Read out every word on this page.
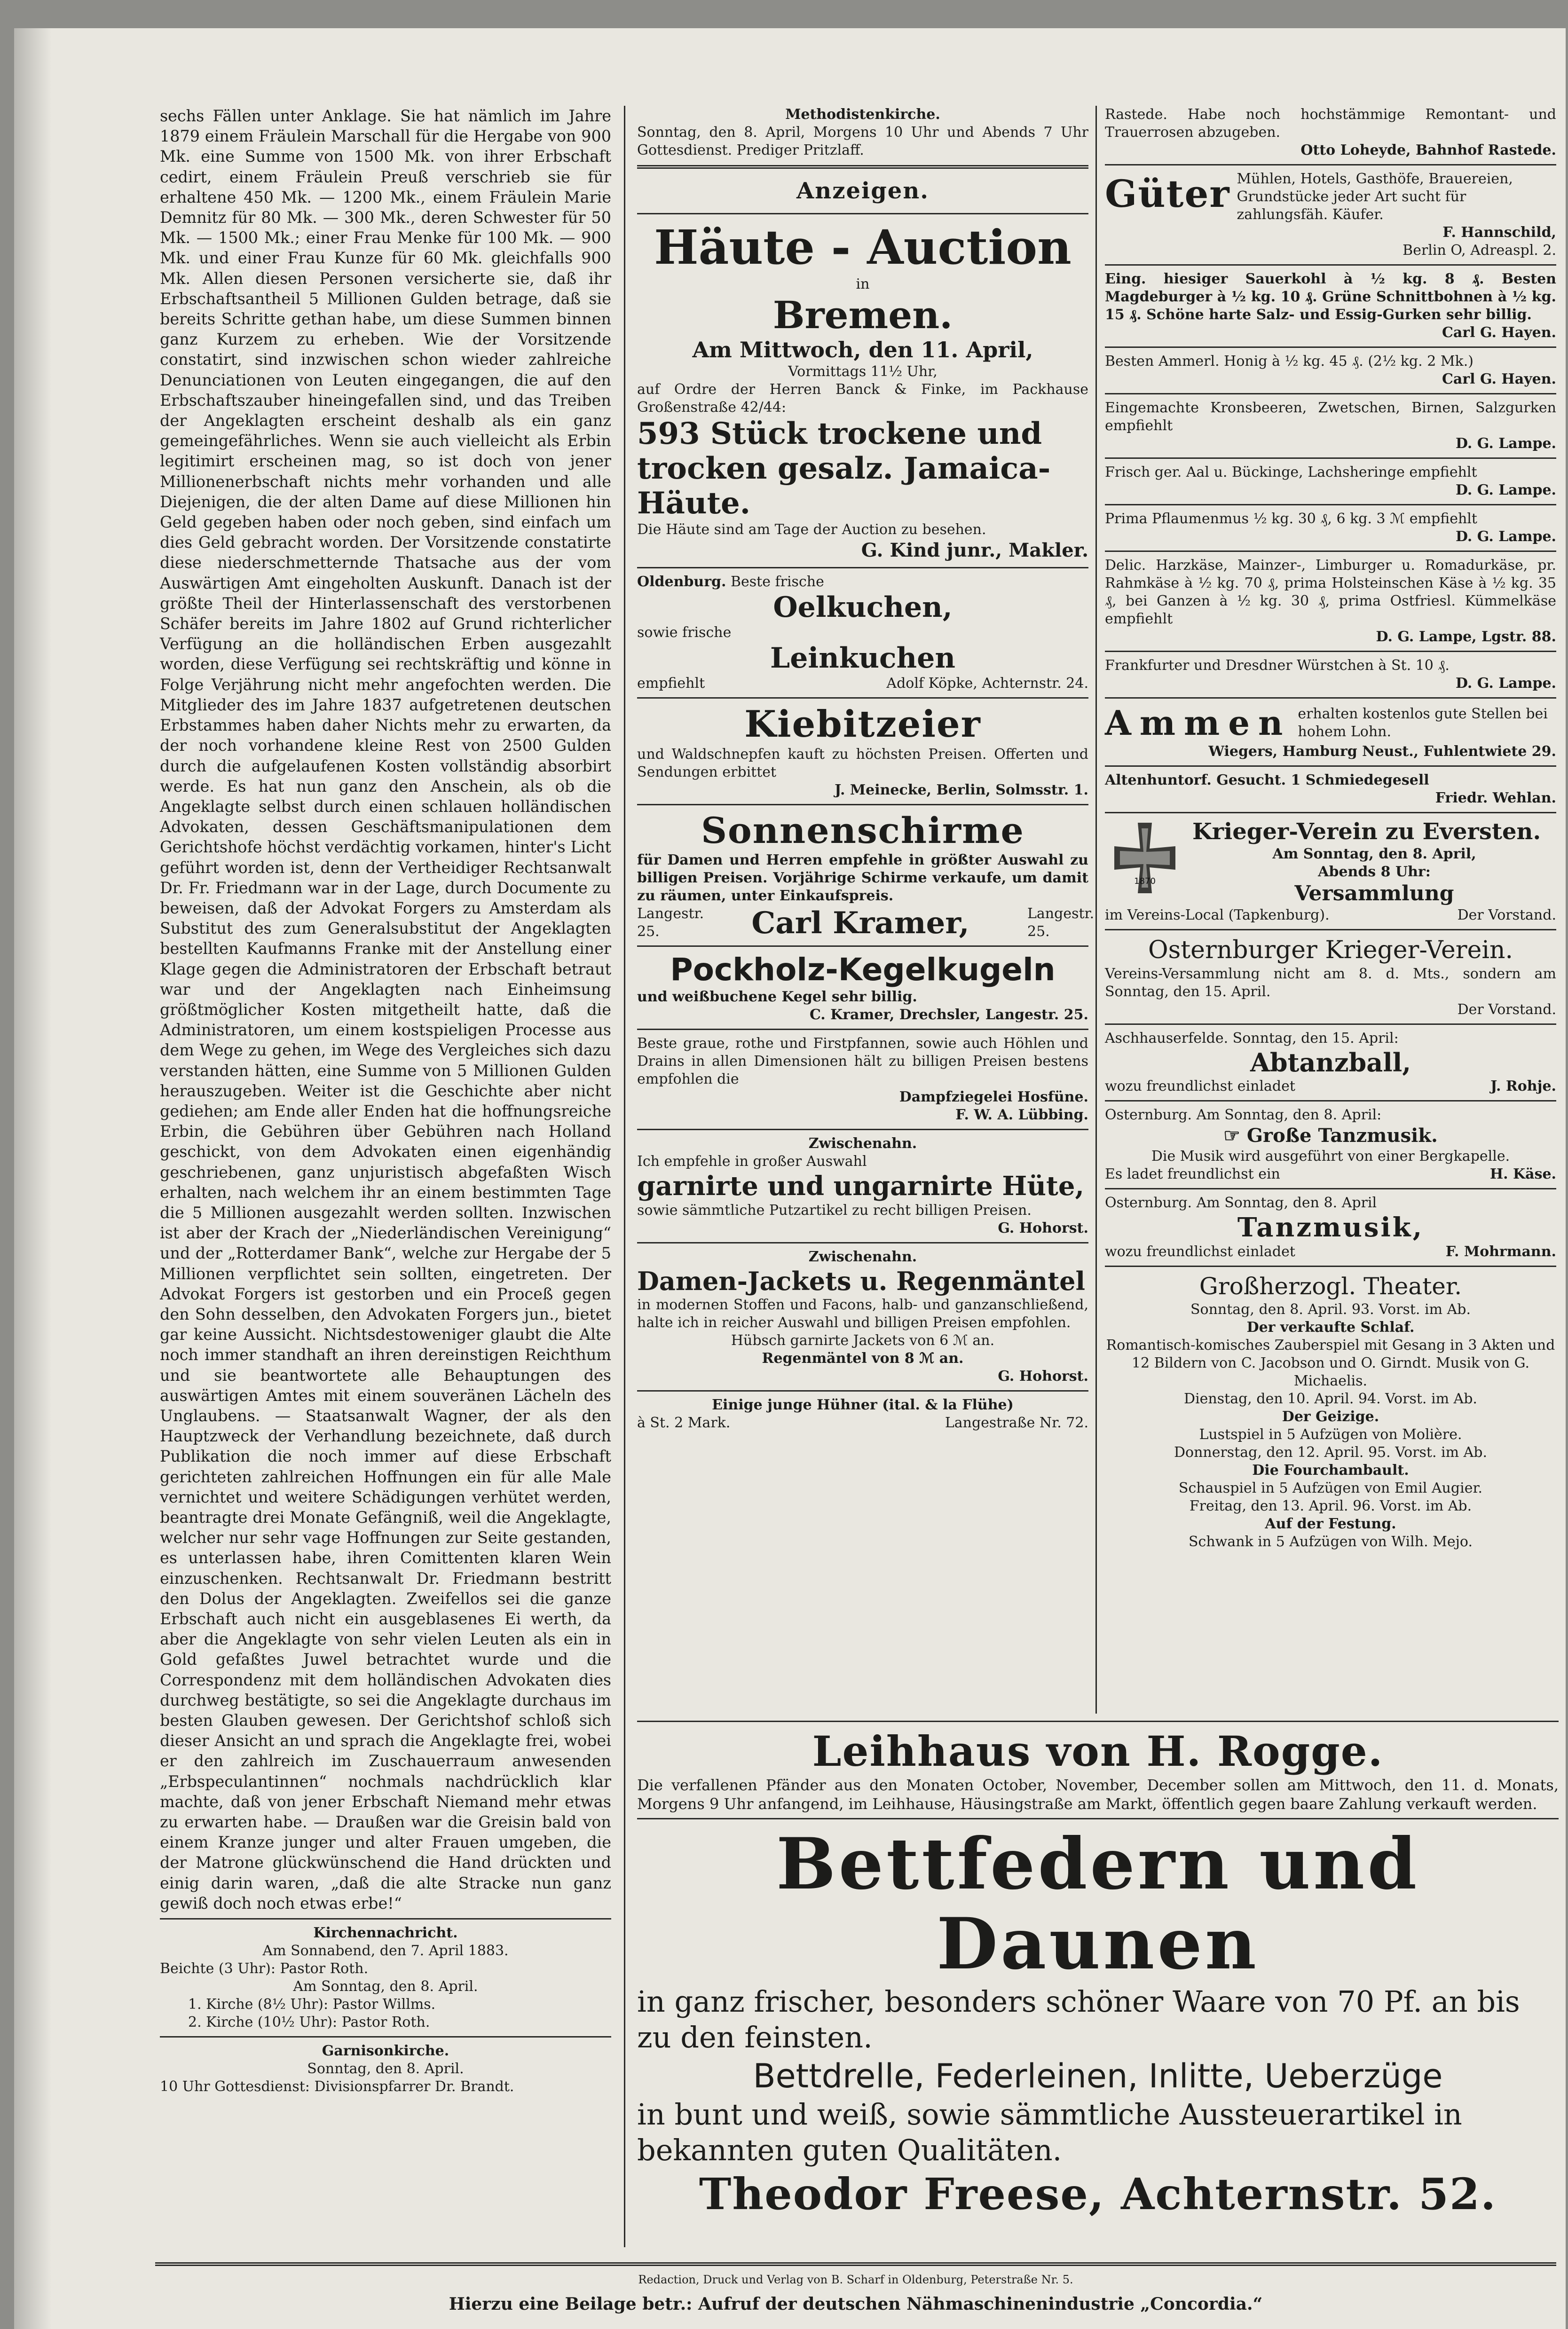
sechs Fällen unter Anklage. Sie hat nämlich im Jahre 1879 einem Fräulein Marschall für die Hergabe von 900 Mk. eine Summe von 1500 Mk. von ihrer Erbschaft cedirt, einem Fräulein Preuß verschrieb sie für erhaltene 450 Mk. — 1200 Mk., einem Fräulein Marie Demnitz für 80 Mk. — 300 Mk., deren Schwester für 50 Mk. — 1500 Mk.; einer Frau Menke für 100 Mk. — 900 Mk. und einer Frau Kunze für 60 Mk. gleichfalls 900 Mk. Allen diesen Personen versicherte sie, daß ihr Erbschaftsantheil 5 Millionen Gulden betrage, daß sie bereits Schritte gethan habe, um diese Summen binnen ganz Kurzem zu erheben. Wie der Vorsitzende constatirt, sind inzwischen schon wieder zahlreiche Denunciationen von Leuten eingegangen, die auf den Erbschaftszauber hineingefallen sind, und das Treiben der Angeklagten erscheint deshalb als ein ganz gemeingefährliches. Wenn sie auch vielleicht als Erbin legitimirt erscheinen mag, so ist doch von jener Millionenerbschaft nichts mehr vorhanden und alle Diejenigen, die der alten Dame auf diese Millionen hin Geld gegeben haben oder noch geben, sind einfach um dies Geld gebracht worden. Der Vorsitzende constatirte diese niederschmetternde Thatsache aus der vom Auswärtigen Amt eingeholten Auskunft. Danach ist der größte Theil der Hinterlassenschaft des verstorbenen Schäfer bereits im Jahre 1802 auf Grund richterlicher Verfügung an die holländischen Erben ausgezahlt worden, diese Verfügung sei rechtskräftig und könne in Folge Verjährung nicht mehr angefochten werden. Die Mitglieder des im Jahre 1837 aufgetretenen deutschen Erbstammes haben daher Nichts mehr zu erwarten, da der noch vorhandene kleine Rest von 2500 Gulden durch die aufgelaufenen Kosten vollständig absorbirt werde. Es hat nun ganz den Anschein, als ob die Angeklagte selbst durch einen schlauen holländischen Advokaten, dessen Geschäftsmanipulationen dem Gerichtshofe höchst verdächtig vorkamen, hinter's Licht geführt worden ist, denn der Vertheidiger Rechtsanwalt Dr. Fr. Friedmann war in der Lage, durch Documente zu beweisen, daß der Advokat Forgers zu Amsterdam als Substitut des zum Generalsubstitut der Angeklagten bestellten Kaufmanns Franke mit der Anstellung einer Klage gegen die Administratoren der Erbschaft betraut war und der Angeklagten nach Einheimsung größtmöglicher Kosten mitgetheilt hatte, daß die Administratoren, um einem kostspieligen Processe aus dem Wege zu gehen, im Wege des Vergleiches sich dazu verstanden hätten, eine Summe von 5 Millionen Gulden herauszugeben. Weiter ist die Geschichte aber nicht gediehen; am Ende aller Enden hat die hoffnungsreiche Erbin, die Gebühren über Gebühren nach Holland geschickt, von dem Advokaten einen eigenhändig geschriebenen, ganz unjuristisch abgefaßten Wisch erhalten, nach welchem ihr an einem bestimmten Tage die 5 Millionen ausgezahlt werden sollten. Inzwischen ist aber der Krach der „Niederländischen Vereinigung“ und der „Rotterdamer Bank“, welche zur Hergabe der 5 Millionen verpflichtet sein sollten, eingetreten. Der Advokat Forgers ist gestorben und ein Proceß gegen den Sohn desselben, den Advokaten Forgers jun., bietet gar keine Aussicht. Nichtsdestoweniger glaubt die Alte noch immer standhaft an ihren dereinstigen Reichthum und sie beantwortete alle Behauptungen des auswärtigen Amtes mit einem souveränen Lächeln des Unglaubens. — Staatsanwalt Wagner, der als den Hauptzweck der Verhandlung bezeichnete, daß durch Publikation die noch immer auf diese Erbschaft gerichteten zahlreichen Hoffnungen ein für alle Male vernichtet und weitere Schädigungen verhütet werden, beantragte drei Monate Gefängniß, weil die Angeklagte, welcher nur sehr vage Hoffnungen zur Seite gestanden, es unterlassen habe, ihren Comittenten klaren Wein einzuschenken. Rechtsanwalt Dr. Friedmann bestritt den Dolus der Angeklagten. Zweifellos sei die ganze Erbschaft auch nicht ein ausgeblasenes Ei werth, da aber die Angeklagte von sehr vielen Leuten als ein in Gold gefaßtes Juwel betrachtet wurde und die Correspondenz mit dem holländischen Advokaten dies durchweg bestätigte, so sei die Angeklagte durchaus im besten Glauben gewesen. Der Gerichtshof schloß sich dieser Ansicht an und sprach die Angeklagte frei, wobei er den zahlreich im Zuschauerraum anwesenden „Erbspeculantinnen“ nochmals nachdrücklich klar machte, daß von jener Erbschaft Niemand mehr etwas zu erwarten habe. — Draußen war die Greisin bald von einem Kranze junger und alter Frauen umgeben, die der Matrone glückwünschend die Hand drückten und einig darin waren, „daß die alte Stracke nun ganz gewiß doch noch etwas erbe!“

Kirchennachricht.
Am Sonnabend, den 7. April 1883.
Beichte (3 Uhr): Pastor Roth.
Am Sonntag, den 8. April.
1. Kirche (8½ Uhr): Pastor Willms.
2. Kirche (10½ Uhr): Pastor Roth.
Garnisonkirche.
Sonntag, den 8. April.
10 Uhr Gottesdienst: Divisionspfarrer Dr. Brandt.
Methodistenkirche.

Sonntag, den 8. April, Morgens 10 Uhr und Abends 7 Uhr Gottesdienst. Prediger Pritzlaff.

Anzeigen.
Häute - Auction
in
Bremen.
Am Mittwoch, den 11. April,
Vormittags 11½ Uhr,

auf Ordre der Herren Banck & Finke, im Packhause Großenstraße 42/44:

593 Stück trockene und trocken gesalz. Jamaica-Häute.
Die Häute sind am Tage der Auction zu besehen.
G. Kind junr., Makler.
Oldenburg. Beste frische
Oelkuchen,
sowie frische
Leinkuchen
empfiehlt	Adolf Köpke, Achternstr. 24.
Kiebitzeier

und Waldschnepfen kauft zu höchsten Preisen. Offerten und Sendungen erbittet

J. Meinecke, Berlin, Solmsstr. 1.
Sonnenschirme

für Damen und Herren empfehle in größter Auswahl zu billigen Preisen. Vorjährige Schirme verkaufe, um damit zu räumen, unter Einkaufspreis.

Langestr. 25.	Carl Kramer,	Langestr. 25.
Pockholz-Kegelkugeln
und weißbuchene Kegel sehr billig.
C. Kramer, Drechsler, Langestr. 25.

Beste graue, rothe und Firstpfannen, sowie auch Höhlen und Drains in allen Dimensionen hält zu billigen Preisen bestens empfohlen die

Dampfziegelei Hosfüne.
F. W. A. Lübbing.
Zwischenahn.
Ich empfehle in großer Auswahl
garnirte und ungarnirte Hüte,

sowie sämmtliche Putzartikel zu recht billigen Preisen.

G. Hohorst.
Zwischenahn.
Damen-Jackets u. Regenmäntel

in modernen Stoffen und Facons, halb- und ganzanschließend, halte ich in reicher Auswahl und billigen Preisen empfohlen.

Hübsch garnirte Jackets von 6 ℳ an.
Regenmäntel von 8 ℳ an.
G. Hohorst.
Einige junge Hühner (ital. & la Flühe)
à St. 2 Mark.	Langestraße Nr. 72.

Rastede. Habe noch hochstämmige Remontant- und Trauerrosen abzugeben.

Otto Loheyde, Bahnhof Rastede.
Güter Mühlen, Hotels, Gasthöfe, Brauereien, Grundstücke jeder Art sucht für zahlungsfäh. Käufer.
F. Hannschild,
Berlin O, Adreaspl. 2.

Eing. hiesiger Sauerkohl à ½ kg. 8 ₰. Besten Magdeburger à ½ kg. 10 ₰. Grüne Schnittbohnen à ½ kg. 15 ₰. Schöne harte Salz- und Essig-Gurken sehr billig.

Carl G. Hayen.

Besten Ammerl. Honig à ½ kg. 45 ₰. (2½ kg. 2 Mk.)

Carl G. Hayen.

Eingemachte Kronsbeeren, Zwetschen, Birnen, Salzgurken empfiehlt

D. G. Lampe.

Frisch ger. Aal u. Bückinge, Lachsheringe empfiehlt

D. G. Lampe.

Prima Pflaumenmus ½ kg. 30 ₰, 6 kg. 3 ℳ empfiehlt

D. G. Lampe.

Delic. Harzkäse, Mainzer-, Limburger u. Romadurkäse, pr. Rahmkäse à ½ kg. 70 ₰, prima Holsteinschen Käse à ½ kg. 35 ₰, bei Ganzen à ½ kg. 30 ₰, prima Ostfriesl. Kümmelkäse empfiehlt

D. G. Lampe, Lgstr. 88.

Frankfurter und Dresdner Würstchen à St. 10 ₰.

D. G. Lampe.
Ammen erhalten kostenlos gute Stellen bei hohem Lohn.
Wiegers, Hamburg Neust., Fuhlentwiete 29.

Altenhuntorf. Gesucht. 1 Schmiedegesell

Friedr. Wehlan.
1870
Krieger-Verein zu Eversten.
Am Sonntag, den 8. April,
Abends 8 Uhr:
Versammlung
im Vereins-Local (Tapkenburg).	Der Vorstand.
Osternburger Krieger-Verein.

Vereins-Versammlung nicht am 8. d. Mts., sondern am Sonntag, den 15. April.

Der Vorstand.
Aschhauserfelde. Sonntag, den 15. April:
Abtanzball,
wozu freundlichst einladet	J. Rohje.
Osternburg. Am Sonntag, den 8. April:
☞ Große Tanzmusik.
Die Musik wird ausgeführt von einer Bergkapelle.
Es ladet freundlichst ein	H. Käse.
Osternburg. Am Sonntag, den 8. April
Tanzmusik,
wozu freundlichst einladet	F. Mohrmann.
Großherzogl. Theater.
Sonntag, den 8. April. 93. Vorst. im Ab.
Der verkaufte Schlaf.

Romantisch-komisches Zauberspiel mit Gesang in 3 Akten und 12 Bildern von C. Jacobson und O. Girndt. Musik von G. Michaelis.

Dienstag, den 10. April. 94. Vorst. im Ab.
Der Geizige.
Lustspiel in 5 Aufzügen von Molière.
Donnerstag, den 12. April. 95. Vorst. im Ab.
Die Fourchambault.
Schauspiel in 5 Aufzügen von Emil Augier.
Freitag, den 13. April. 96. Vorst. im Ab.
Auf der Festung.
Schwank in 5 Aufzügen von Wilh. Mejo.
Leihhaus von H. Rogge.

Die verfallenen Pfänder aus den Monaten October, November, December sollen am Mittwoch, den 11. d. Monats, Morgens 9 Uhr anfangend, im Leihhause, Häusingstraße am Markt, öffentlich gegen baare Zahlung verkauft werden.

Bettfedern und Daunen
in ganz frischer, besonders schöner Waare von 70 Pf. an bis zu den feinsten.
Bettdrelle, Federleinen, Inlitte, Ueberzüge
in bunt und weiß, sowie sämmtliche Aussteuerartikel in bekannten guten Qualitäten.
Theodor Freese, Achternstr. 52.
Redaction, Druck und Verlag von B. Scharf in Oldenburg, Peterstraße Nr. 5.
Hierzu eine Beilage betr.: Aufruf der deutschen Nähmaschinenindustrie „Concordia.“
